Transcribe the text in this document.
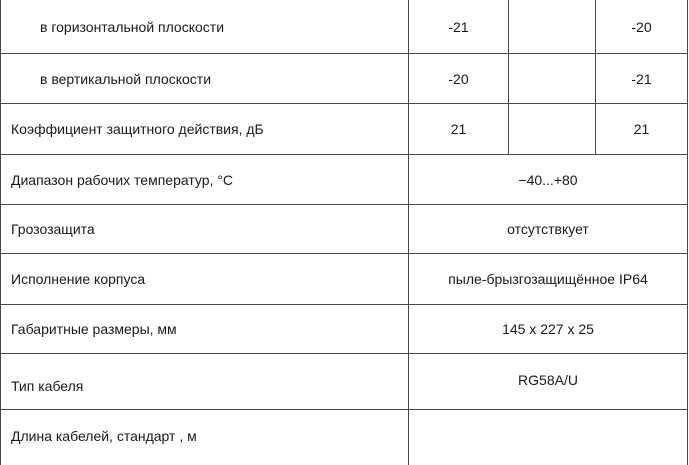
в горизонтальной плоскости	-21	-20
в вертикальной плоскости	-20	-21
Коэффициент защитного действия, дБ	21	21
Диапазон рабочих температур, °С	−40...+80
Грозозащита	отсутствкует
Исполнение корпуса	пыле-брызгозащищённое IP64
Габаритные размеры, мм	145 х 227 х 25
Тип кабеля	RG58A/U
Длина кабелей, стандарт , м
